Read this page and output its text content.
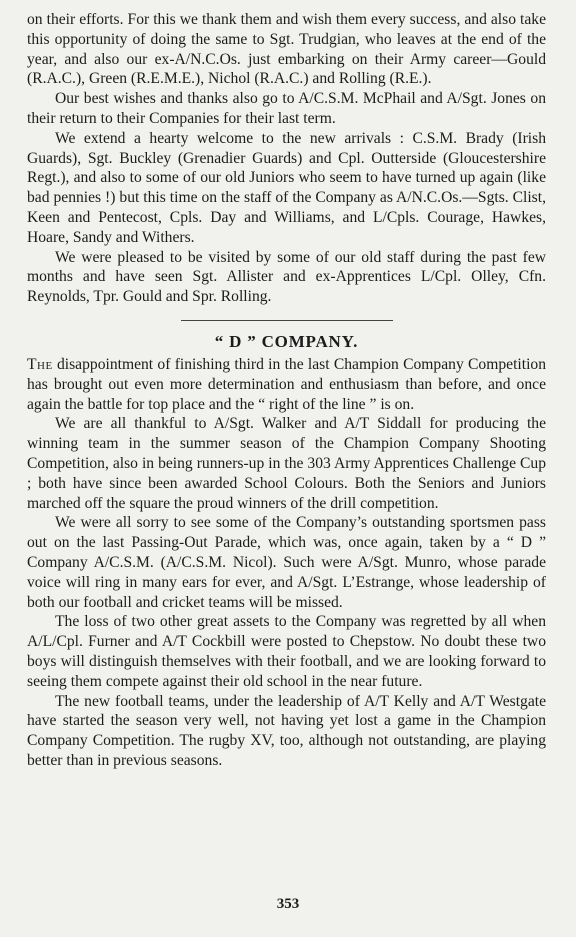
on their efforts. For this we thank them and wish them every success, and also take this opportunity of doing the same to Sgt. Trudgian, who leaves at the end of the year, and also our ex-A/N.C.Os. just embarking on their Army career—Gould (R.A.C.), Green (R.E.M.E.), Nichol (R.A.C.) and Rolling (R.E.).

Our best wishes and thanks also go to A/C.S.M. McPhail and A/Sgt. Jones on their return to their Companies for their last term.

We extend a hearty welcome to the new arrivals : C.S.M. Brady (Irish Guards), Sgt. Buckley (Grenadier Guards) and Cpl. Outterside (Gloucestershire Regt.), and also to some of our old Juniors who seem to have turned up again (like bad pennies !) but this time on the staff of the Company as A/N.C.Os.—Sgts. Clist, Keen and Pentecost, Cpls. Day and Williams, and L/Cpls. Courage, Hawkes, Hoare, Sandy and Withers.

We were pleased to be visited by some of our old staff during the past few months and have seen Sgt. Allister and ex-Apprentices L/Cpl. Olley, Cfn. Reynolds, Tpr. Gould and Spr. Rolling.

“ D ” COMPANY.

The disappointment of finishing third in the last Champion Company Competition has brought out even more determination and enthusiasm than before, and once again the battle for top place and the “ right of the line ” is on.

We are all thankful to A/Sgt. Walker and A/T Siddall for producing the winning team in the summer season of the Champion Company Shooting Competition, also in being runners-up in the 303 Army Apprentices Challenge Cup ; both have since been awarded School Colours. Both the Seniors and Juniors marched off the square the proud winners of the drill competition.

We were all sorry to see some of the Company’s outstanding sportsmen pass out on the last Passing-Out Parade, which was, once again, taken by a “ D ” Company A/C.S.M. (A/C.S.M. Nicol). Such were A/Sgt. Munro, whose parade voice will ring in many ears for ever, and A/Sgt. L’Estrange, whose leadership of both our football and cricket teams will be missed.

The loss of two other great assets to the Company was regretted by all when A/L/Cpl. Furner and A/T Cockbill were posted to Chepstow. No doubt these two boys will distinguish themselves with their football, and we are looking forward to seeing them compete against their old school in the near future.

The new football teams, under the leadership of A/T Kelly and A/T Westgate have started the season very well, not having yet lost a game in the Champion Company Competition. The rugby XV, too, although not outstanding, are playing better than in previous seasons.

353
